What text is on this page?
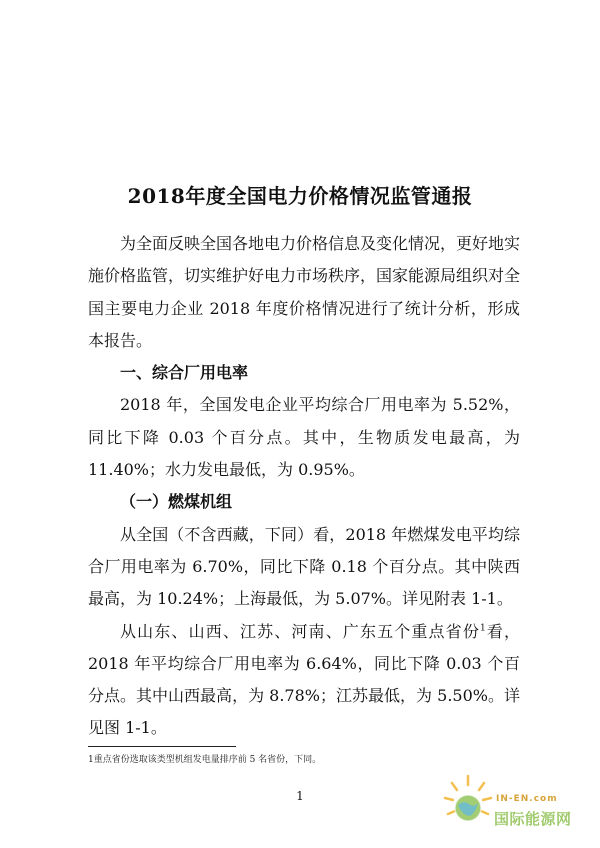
2018年度全国电力价格情况监管通报

为全面反映全国各地电力价格信息及变化情况，更好地实施价格监管，切实维护好电力市场秩序，国家能源局组织对全国主要电力企业 2018 年度价格情况进行了统计分析，形成本报告。

一、综合厂用电率

2018 年，全国发电企业平均综合厂用电率为 5.52%，同比下降 0.03 个百分点。其中，生物质发电最高，为 11.40%；水力发电最低，为 0.95%。

（一）燃煤机组

从全国（不含西藏，下同）看，2018 年燃煤发电平均综合厂用电率为 6.70%，同比下降 0.18 个百分点。其中陕西最高，为 10.24%；上海最低，为 5.07%。详见附表 1-1。

从山东、山西、江苏、河南、广东五个重点省份$^1$看，2018 年平均综合厂用电率为 6.64%，同比下降 0.03 个百分点。其中山西最高，为 8.78%；江苏最低，为 5.50%。详见图 1-1。

1重点省份选取该类型机组发电量排序前 5 名省份，下同。
1	IN-EN.com
国际能源网
